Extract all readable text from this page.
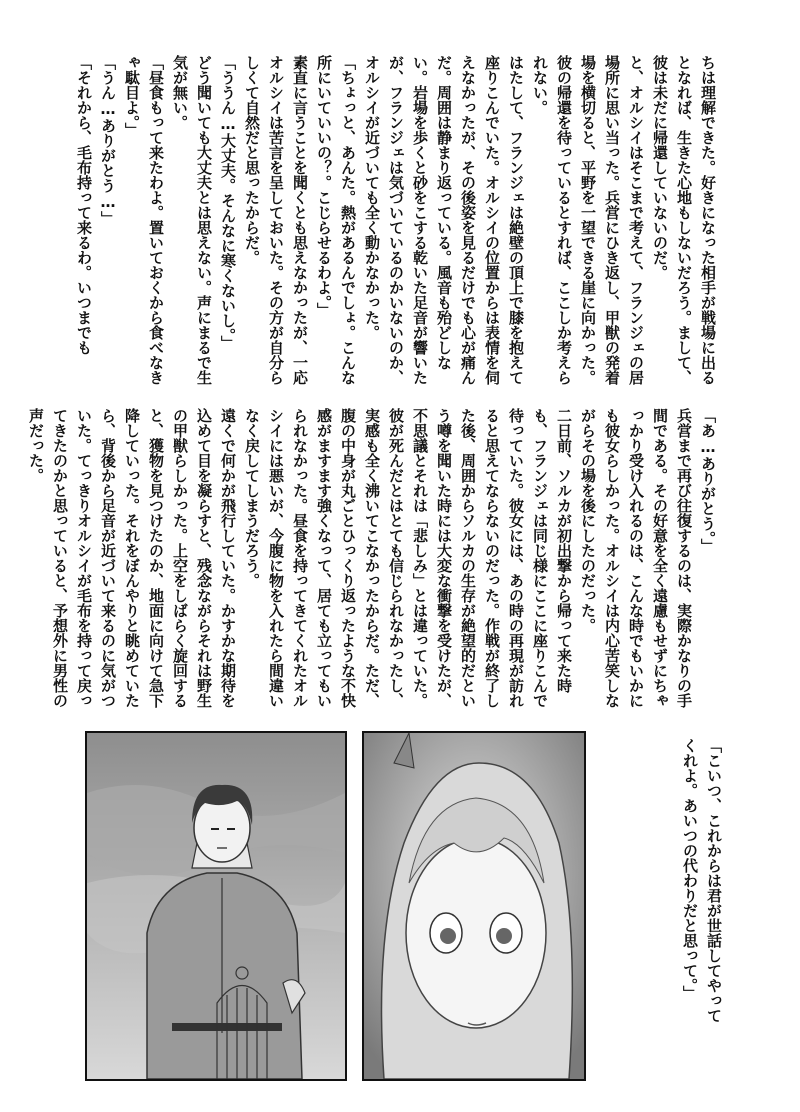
ちは理解できた。好きになった相手が戦場に出るとなれば、生きた心地もしないだろう。まして、彼は未だに帰還していないのだ。

と、オルシイはそこまで考えて、フランジェの居場所に思い当った。兵営にひき返し、甲獣の発着場を横切ると、平野を一望できる崖に向かった。彼の帰還を待っているとすれば、ここしか考えられない。

はたして、フランジェは絶壁の頂上で膝を抱えて座りこんでいた。オルシイの位置からは表情を伺えなかったが、その後姿を見るだけでも心が痛んだ。周囲は静まり返っている。風音も殆どしない。岩場を歩くと砂をこする乾いた足音が響いたが、フランジェは気づいているのかいないのか、オルシイが近づいても全く動かなかった。

「ちょっと、あんた。熱があるんでしょ。こんな所にいていいの？。こじらせるわよ。」

素直に言うことを聞くとも思えなかったが、一応オルシイは苦言を呈しておいた。その方が自分らしくて自然だと思ったからだ。

「ううん…大丈夫。そんなに寒くないし。」

どう聞いても大丈夫とは思えない。声にまるで生気が無い。

「昼食もって来たわよ。置いておくから食べなきゃ駄目よ。」

「うん…ありがとう…」

「それから、毛布持って来るわ。いつまでも

「あ…ありがとう。」

兵営まで再び往復するのは、実際かなりの手間である。その好意を全く遠慮もせずにちゃっかり受け入れるのは、こんな時でもいかにも彼女らしかった。オルシイは内心苦笑しながらその場を後にしたのだった。

二日前、ソルカが初出撃から帰って来た時も、フランジェは同じ様にここに座りこんで待っていた。彼女には、あの時の再現が訪れると思えてならないのだった。作戦が終了した後、周囲からソルカの生存が絶望的だという噂を聞いた時には大変な衝撃を受けたが、不思議とそれは「悲しみ」とは違っていた。彼が死んだとはとても信じられなかったし、実感も全く沸いてこなかったからだ。ただ、腹の中身が丸ごとひっくり返ったような不快感がますます強くなって、居ても立ってもいられなかった。昼食を持ってきてくれたオルシイには悪いが、今腹に物を入れたら間違いなく戻してしまうだろう。

遠くで何かが飛行していた。かすかな期待を込めて目を凝らすと、残念ながらそれは野生の甲獣らしかった。上空をしばらく旋回すると、獲物を見つけたのか、地面に向けて急下降していった。それをぼんやりと眺めていたら、背後から足音が近づいて来るのに気がついた。てっきりオルシイが毛布を持って戻ってきたのかと思っていると、予想外に男性の声だった。

「こいつ、これからは君が世話してやってくれよ。あいつの代わりだと思って。」
